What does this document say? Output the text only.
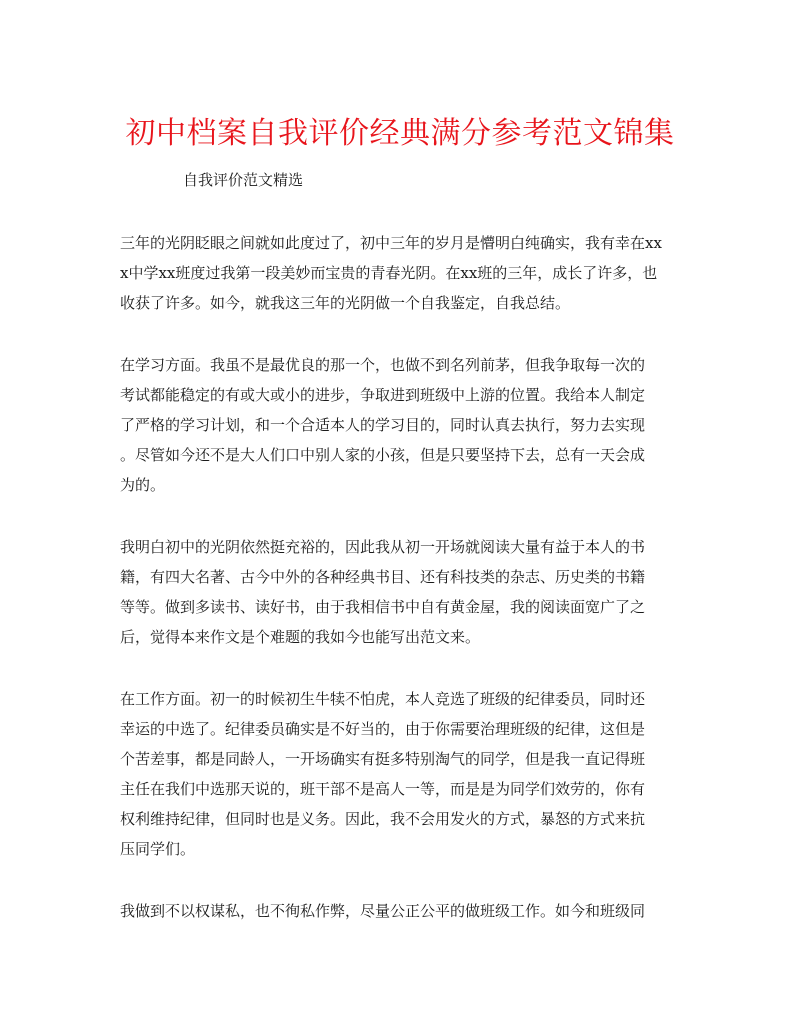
初中档案自我评价经典满分参考范文锦集
自我评价范文精选
三年的光阴眨眼之间就如此度过了，初中三年的岁月是懵明白纯确实，我有幸在xx
x中学xx班度过我第一段美妙而宝贵的青春光阴。在xx班的三年，成长了许多，也
收获了许多。如今，就我这三年的光阴做一个自我鉴定，自我总结。
在学习方面。我虽不是最优良的那一个，也做不到名列前茅，但我争取每一次的
考试都能稳定的有或大或小的进步，争取进到班级中上游的位置。我给本人制定
了严格的学习计划，和一个合适本人的学习目的，同时认真去执行，努力去实现
。尽管如今还不是大人们口中别人家的小孩，但是只要坚持下去，总有一天会成
为的。
我明白初中的光阴依然挺充裕的，因此我从初一开场就阅读大量有益于本人的书
籍，有四大名著、古今中外的各种经典书目、还有科技类的杂志、历史类的书籍
等等。做到多读书、读好书，由于我相信书中自有黄金屋，我的阅读面宽广了之
后，觉得本来作文是个难题的我如今也能写出范文来。
在工作方面。初一的时候初生牛犊不怕虎，本人竞选了班级的纪律委员，同时还
幸运的中选了。纪律委员确实是不好当的，由于你需要治理班级的纪律，这但是
个苦差事，都是同龄人，一开场确实有挺多特别淘气的同学，但是我一直记得班
主任在我们中选那天说的，班干部不是高人一等，而是是为同学们效劳的，你有
权利维持纪律，但同时也是义务。因此，我不会用发火的方式，暴怒的方式来抗
压同学们。
我做到不以权谋私，也不徇私作弊，尽量公正公平的做班级工作。如今和班级同
